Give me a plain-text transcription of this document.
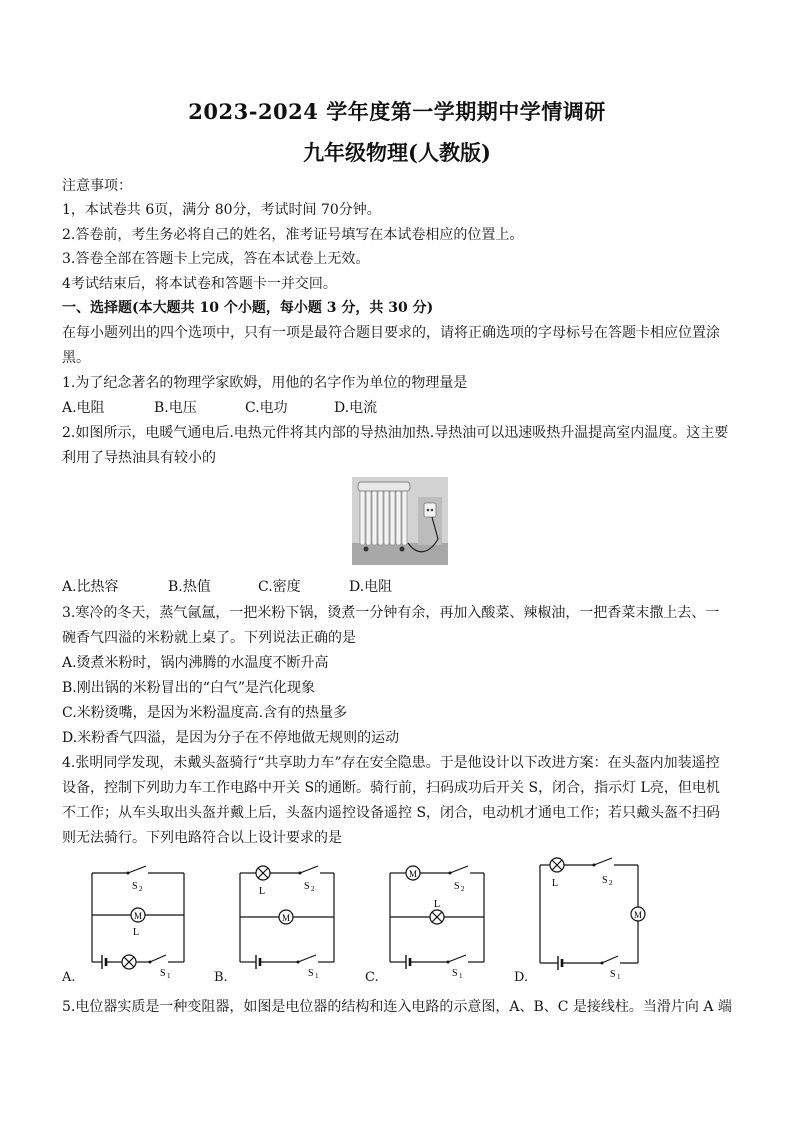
2023-2024 学年度第一学期期中学情调研
九年级物理(人教版)
注意事项：
1，本试卷共 6页，满分 80分，考试时间 70分钟。
2.答卷前，考生务必将自己的姓名，准考证号填写在本试卷相应的位置上。
3.答卷全部在答题卡上完成，答在本试卷上无效。
4考试结束后，将本试卷和答题卡一并交回。
一、选择题(本大题共 10 个小题，每小题 3 分，共 30 分)
在每小题列出的四个选项中，只有一项是最符合题目要求的，请将正确选项的字母标号在答题卡相应位置涂
黑。
1.为了纪念著名的物理学家欧姆，用他的名字作为单位的物理量是
A.电阻	B.电压	C.电功	D.电流
2.如图所示，电暖气通电后.电热元件将其内部的导热油加热.导热油可以迅速吸热升温提高室内温度。这主要
利用了导热油具有较小的
A.比热容	B.热值	C.密度	D.电阻
3.寒冷的冬天，蒸气氤氲，一把米粉下锅，烫煮一分钟有余，再加入酸菜、辣椒油，一把香菜末撒上去、一
碗香气四溢的米粉就上桌了。下列说法正确的是
A.烫煮米粉时，锅内沸腾的水温度不断升高
B.刚出锅的米粉冒出的“白气”是汽化现象
C.米粉烫嘴，是因为米粉温度高.含有的热量多
D.米粉香气四溢，是因为分子在不停地做无规则的运动
4.张明同学发现，未戴头盔骑行“共享助力车”存在安全隐患。于是他设计以下改进方案：在头盔内加装遥控
设备，控制下列助力车工作电路中开关 S的通断。骑行前，扫码成功后开关 S，闭合，指示灯 L亮，但电机
不工作；从车头取出头盔并戴上后，头盔内遥控设备遥控 S，闭合，电动机才通电工作；若只戴头盔不扫码
则无法骑行。下列电路符合以上设计要求的是
A.
M
S 2
L
S 1	B.
M
L	S 2
S 1	C.
M
L
S 2
S 1	D.
M
L	S 2
S 1
5.电位器实质是一种变阻器，如图是电位器的结构和连入电路的示意图，A、B、C 是接线柱。当滑片向 A 端
